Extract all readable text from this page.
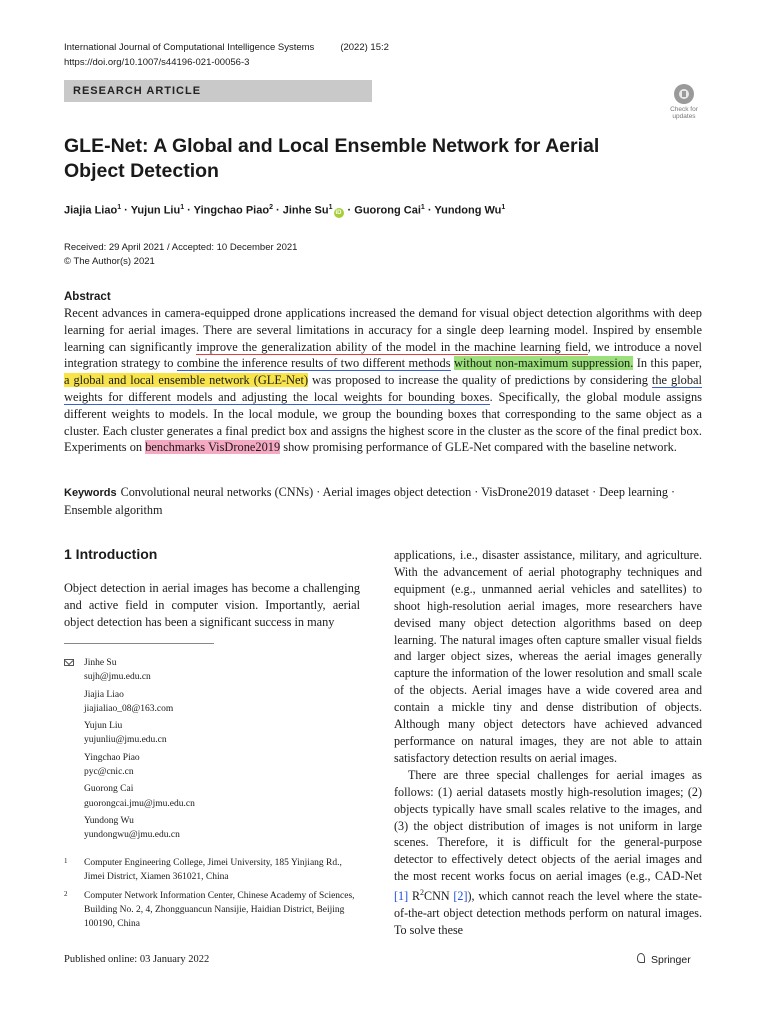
International Journal of Computational Intelligence Systems	(2022) 15:2
https://doi.org/10.1007/s44196-021-00056-3
RESEARCH ARTICLE
Check for
updates
GLE-Net: A Global and Local Ensemble Network for Aerial Object Detection
Jiajia Liao$^1$ · Yujun Liu$^1$ · Yingchao Piao$^2$ · Jinhe $Su^1iD$ · Guorong Cai$^1$ · Yundong Wu$^1$
Received: 29 April 2021 / Accepted: 10 December 2021
© The Author(s) 2021
Abstract
Recent advances in camera-equipped drone applications increased the demand for visual object detection algorithms with deep learning for aerial images. There are several limitations in accuracy for a single deep learning model. Inspired by ensemble learning can significantly improve the generalization ability of the model in the machine learning field, we introduce a novel integration strategy to combine the inference results of two different methods without non-maximum suppression. In this paper, a global and local ensemble network (GLE-Net) was proposed to increase the quality of predictions by considering the global weights for different models and adjusting the local weights for bounding boxes. Specifically, the global module assigns different weights to models. In the local module, we group the bounding boxes that corresponding to the same object as a cluster. Each cluster generates a final predict box and assigns the highest score in the cluster as the score of the final predict box. Experiments on benchmarks VisDrone2019 show promising performance of GLE-Net compared with the baseline network.
Keywords Convolutional neural networks (CNNs) · Aerial images object detection · VisDrone2019 dataset · Deep learning · Ensemble algorithm
1 Introduction
Object detection in aerial images has become a challenging and active field in computer vision. Importantly, aerial object detection has been a significant success in many

applications, i.e., disaster assistance, military, and agriculture. With the advancement of aerial photography techniques and equipment (e.g., unmanned aerial vehicles and satellites) to shoot high-resolution aerial images, more researchers have devised many object detection algorithms based on deep learning. The natural images often capture smaller visual fields and larger object sizes, whereas the aerial images generally capture the information of the lower resolution and small scale of the objects. Aerial images have a wide covered area and contain a mickle tiny and dense distribution of objects. Although many object detectors have achieved advanced performance on natural images, they are not able to attain satisfactory detection results on aerial images.

There are three special challenges for aerial images as follows: (1) aerial datasets mostly high-resolution images; (2) objects typically have small scales relative to the images, and (3) the object distribution of images is not uniform in large scenes. Therefore, it is difficult for the general-purpose detector to effectively detect objects of the aerial images and the most recent works focus on aerial images (e.g., CAD-Net [1] $R^2CNN$ [2]), which cannot reach the level where the state-of-the-art object detection methods perform on natural images. To solve these

Jinhe Su
sujh@jmu.edu.cn
Jiajia Liao
jiajialiao_08@163.com
Yujun Liu
yujunliu@jmu.edu.cn
Yingchao Piao
pyc@cnic.cn
Guorong Cai
guorongcai.jmu@jmu.edu.cn
Yundong Wu
yundongwu@jmu.edu.cn
1	Computer Engineering College, Jimei University, 185 Yinjiang Rd., Jimei District, Xiamen 361021, China
2	Computer Network Information Center, Chinese Academy of Sciences, Building No. 2, 4, Zhongguancun Nansijie, Haidian District, Beijing 100190, China
Published online: 03 January 2022	Springer
